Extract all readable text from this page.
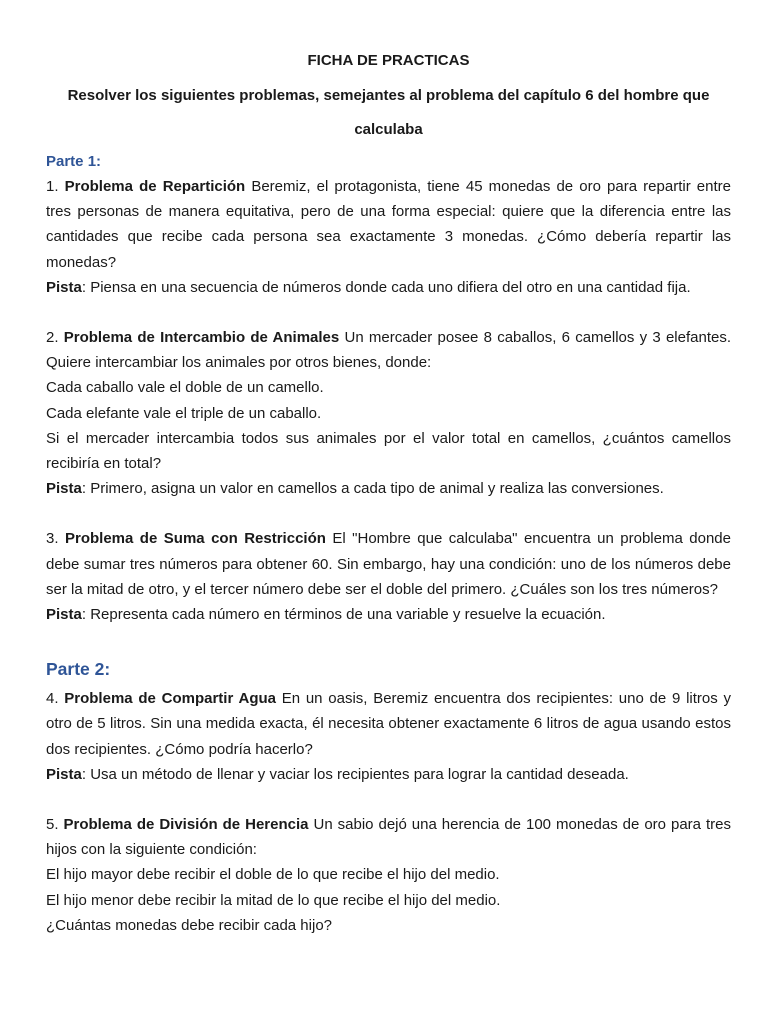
FICHA DE PRACTICAS

Resolver los siguientes problemas, semejantes al problema del capítulo 6 del hombre que calculaba

Parte 1:

1. Problema de Repartición Beremiz, el protagonista, tiene 45 monedas de oro para repartir entre tres personas de manera equitativa, pero de una forma especial: quiere que la diferencia entre las cantidades que recibe cada persona sea exactamente 3 monedas. ¿Cómo debería repartir las monedas?

Pista: Piensa en una secuencia de números donde cada uno difiera del otro en una cantidad fija.

2. Problema de Intercambio de Animales Un mercader posee 8 caballos, 6 camellos y 3 elefantes. Quiere intercambiar los animales por otros bienes, donde:

Cada caballo vale el doble de un camello.

Cada elefante vale el triple de un caballo.

Si el mercader intercambia todos sus animales por el valor total en camellos, ¿cuántos camellos recibiría en total?

Pista: Primero, asigna un valor en camellos a cada tipo de animal y realiza las conversiones.

3. Problema de Suma con Restricción El "Hombre que calculaba" encuentra un problema donde debe sumar tres números para obtener 60. Sin embargo, hay una condición: uno de los números debe ser la mitad de otro, y el tercer número debe ser el doble del primero. ¿Cuáles son los tres números?

Pista: Representa cada número en términos de una variable y resuelve la ecuación.

Parte 2:

4. Problema de Compartir Agua En un oasis, Beremiz encuentra dos recipientes: uno de 9 litros y otro de 5 litros. Sin una medida exacta, él necesita obtener exactamente 6 litros de agua usando estos dos recipientes. ¿Cómo podría hacerlo?

Pista: Usa un método de llenar y vaciar los recipientes para lograr la cantidad deseada.

5. Problema de División de Herencia Un sabio dejó una herencia de 100 monedas de oro para tres hijos con la siguiente condición:

El hijo mayor debe recibir el doble de lo que recibe el hijo del medio.

El hijo menor debe recibir la mitad de lo que recibe el hijo del medio.

¿Cuántas monedas debe recibir cada hijo?
